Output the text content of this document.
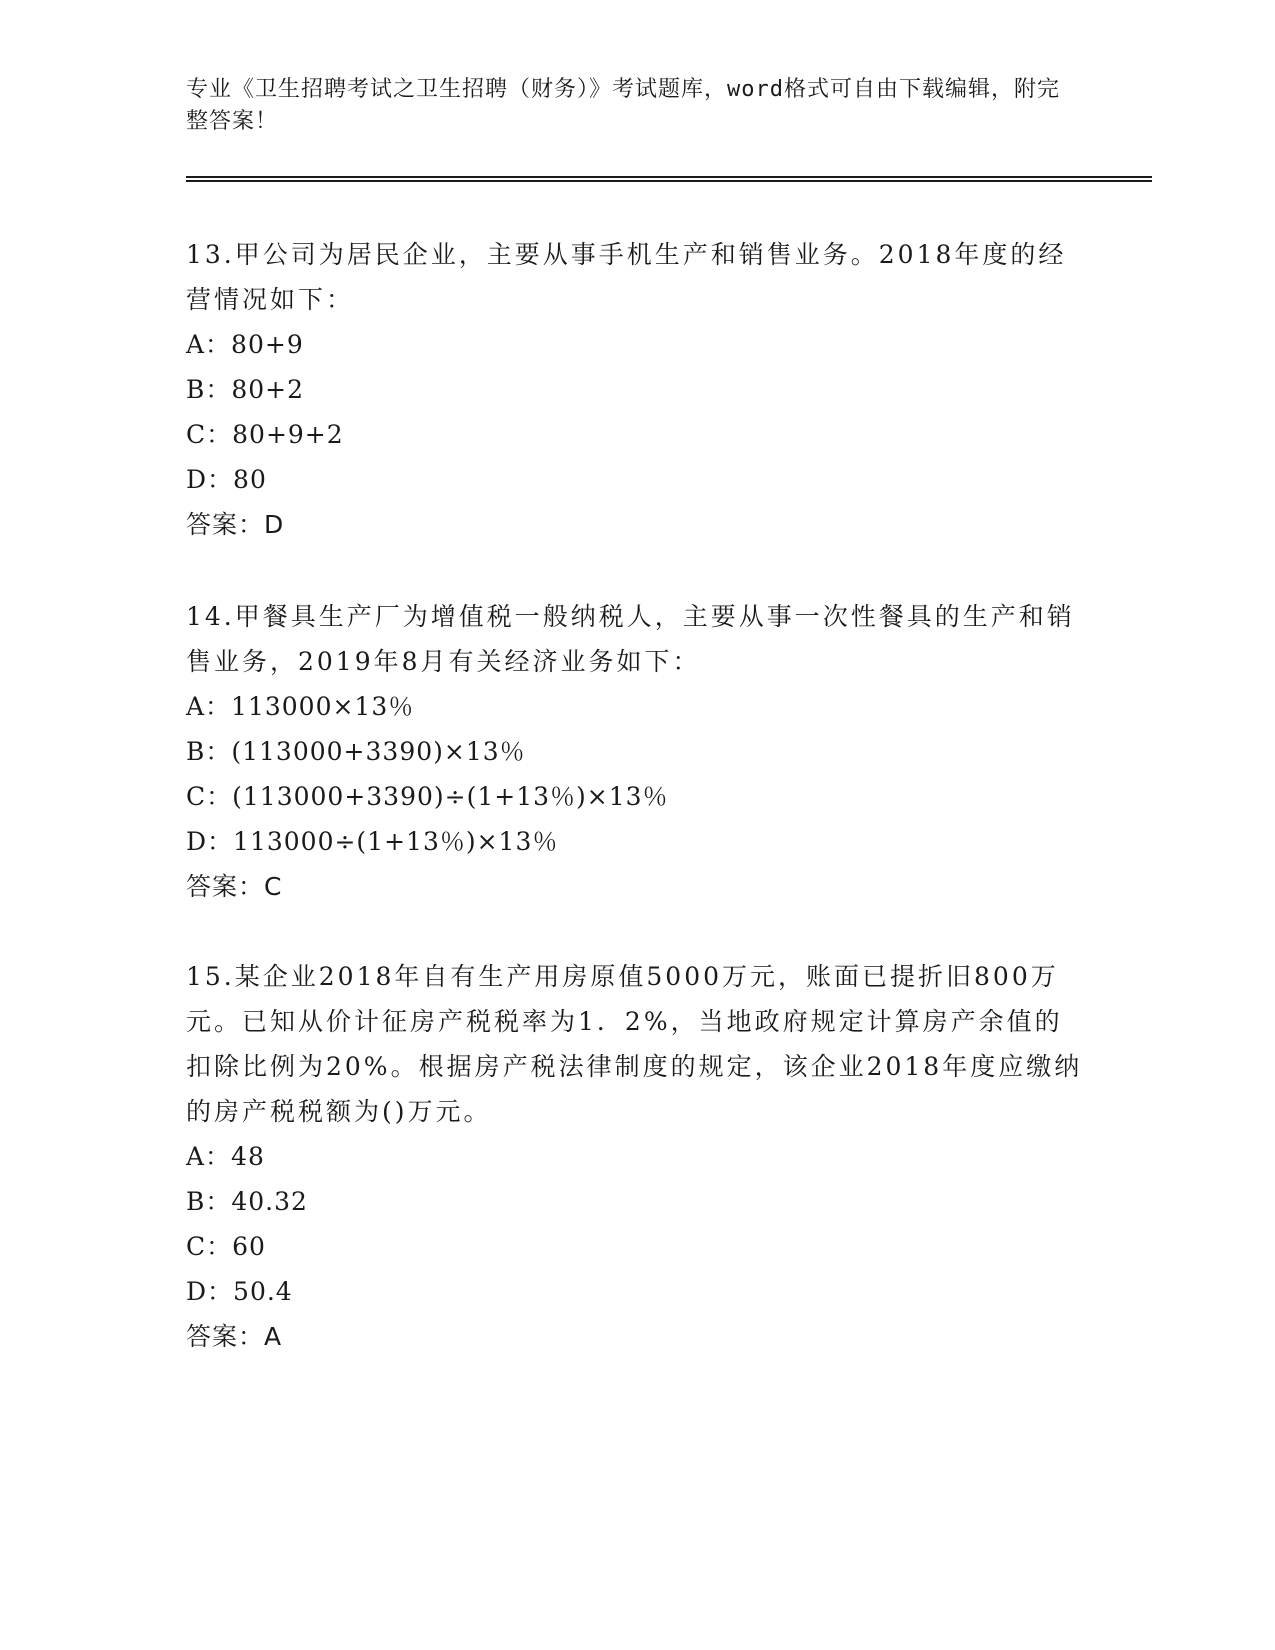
专业《卫生招聘考试之卫生招聘（财务）》考试题库，word格式可自由下载编辑，附完整答案！

13.甲公司为居民企业，主要从事手机生产和销售业务。2018年度的经营情况如下：

A：80+9
B：80+2
C：80+9+2
D：80

答案：D

14.甲餐具生产厂为增值税一般纳税人，主要从事一次性餐具的生产和销售业务，2019年8月有关经济业务如下：

A：113000×13％
B：(113000+3390)×13％
C：(113000+3390)÷(1+13％)×13％
D：113000÷(1+13％)×13％

答案：C

15.某企业2018年自有生产用房原值5000万元，账面已提折旧800万元。已知从价计征房产税税率为1．2%，当地政府规定计算房产余值的扣除比例为20%。根据房产税法律制度的规定，该企业2018年度应缴纳的房产税税额为()万元。

A：48
B：40.32
C：60
D：50.4

答案：A
